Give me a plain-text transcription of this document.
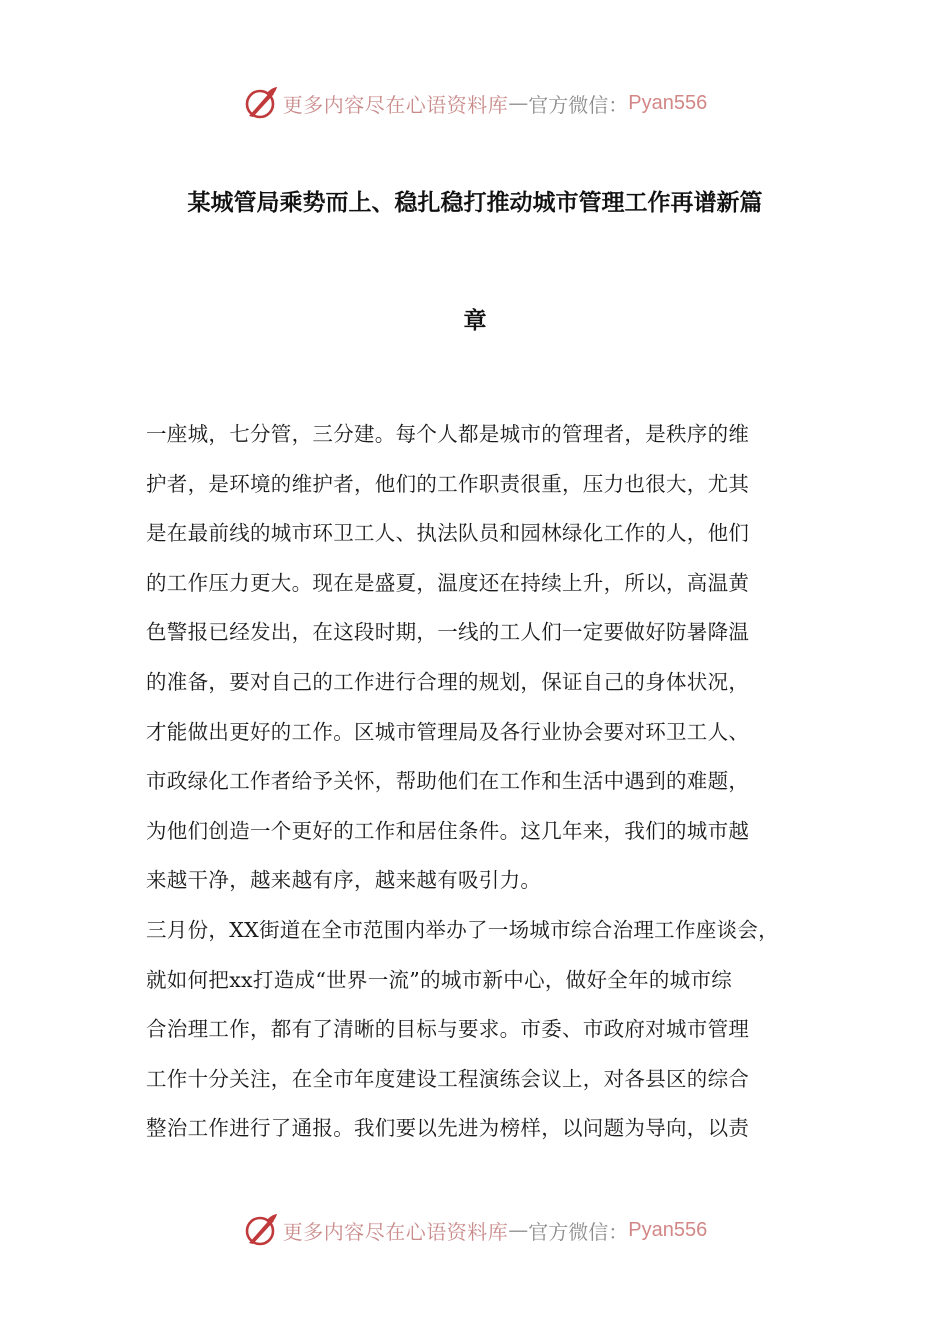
更多内容尽在心语资料库 — 官方微信： Pyan556
某城管局乘势而上、稳扎稳打推动城市管理工作再谱新篇
章
一座城，七分管，三分建。每个人都是城市的管理者，是秩序的维
护者，是环境的维护者，他们的工作职责很重，压力也很大，尤其
是在最前线的城市环卫工人、执法队员和园林绿化工作的人，他们
的工作压力更大。现在是盛夏，温度还在持续上升，所以，高温黄
色警报已经发出，在这段时期，一线的工人们一定要做好防暑降温
的准备，要对自己的工作进行合理的规划，保证自己的身体状况，
才能做出更好的工作。区城市管理局及各行业协会要对环卫工人、
市政绿化工作者给予关怀，帮助他们在工作和生活中遇到的难题，
为他们创造一个更好的工作和居住条件。这几年来，我们的城市越
来越干净，越来越有序，越来越有吸引力。
三月份，XX街道在全市范围内举办了一场城市综合治理工作座谈会，
就如何把xx打造成“世界一流”的城市新中心，做好全年的城市综
合治理工作，都有了清晰的目标与要求。市委、市政府对城市管理
工作十分关注，在全市年度建设工程演练会议上，对各县区的综合
整治工作进行了通报。我们要以先进为榜样，以问题为导向，以责
更多内容尽在心语资料库 — 官方微信： Pyan556
